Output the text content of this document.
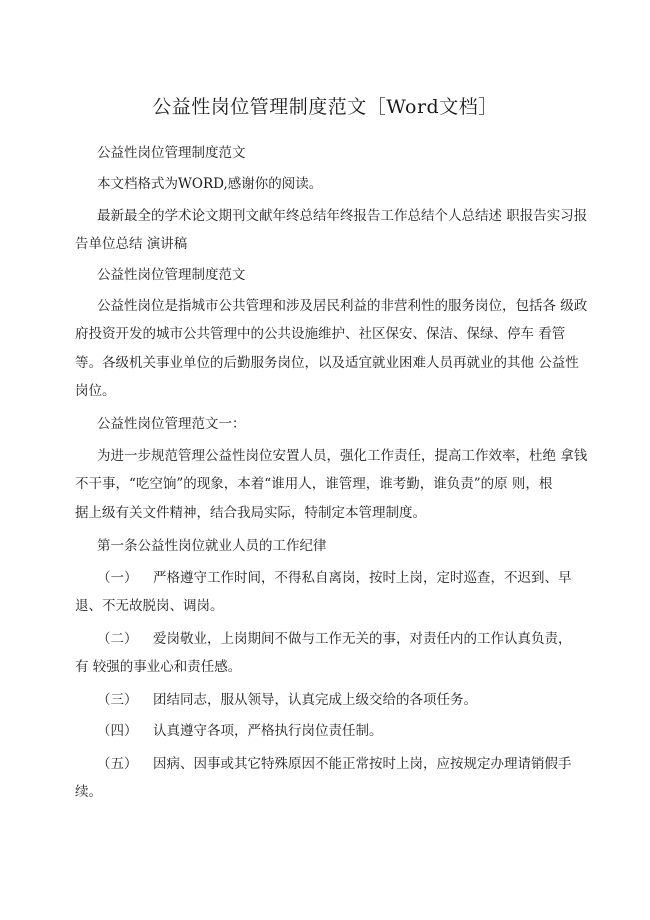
公益性岗位管理制度范文［Word文档］
公益性岗位管理制度范文
本文档格式为WORD,感谢你的阅读。
最新最全的学术论文期刊文献年终总结年终报告工作总结个人总结述 职报告实习报
告单位总结 演讲稿
公益性岗位管理制度范文
公益性岗位是指城市公共管理和涉及居民利益的非营利性的服务岗位，包括各 级政
府投资开发的城市公共管理中的公共设施维护、社区保安、保洁、保绿、停车 看管
等。各级机关事业单位的后勤服务岗位，以及适宜就业困难人员再就业的其他 公益性
岗位。
公益性岗位管理范文一：
为进一步规范管理公益性岗位安置人员，强化工作责任，提高工作效率，杜绝 拿钱
不干事，“吃空饷”的现象，本着“谁用人，谁管理，谁考勤，谁负责”的原 则，根
据上级有关文件精神，结合我局实际，特制定本管理制度。
第一条公益性岗位就业人员的工作纪律
（一） 严格遵守工作时间，不得私自离岗，按时上岗，定时巡查，不迟到、早
退、不无故脱岗、调岗。
（二） 爱岗敬业，上岗期间不做与工作无关的事，对责任内的工作认真负责，
有 较强的事业心和责任感。
（三） 团结同志，服从领导，认真完成上级交给的各项任务。
（四） 认真遵守各项，严格执行岗位责任制。
（五） 因病、因事或其它特殊原因不能正常按时上岗，应按规定办理请销假手
续。
